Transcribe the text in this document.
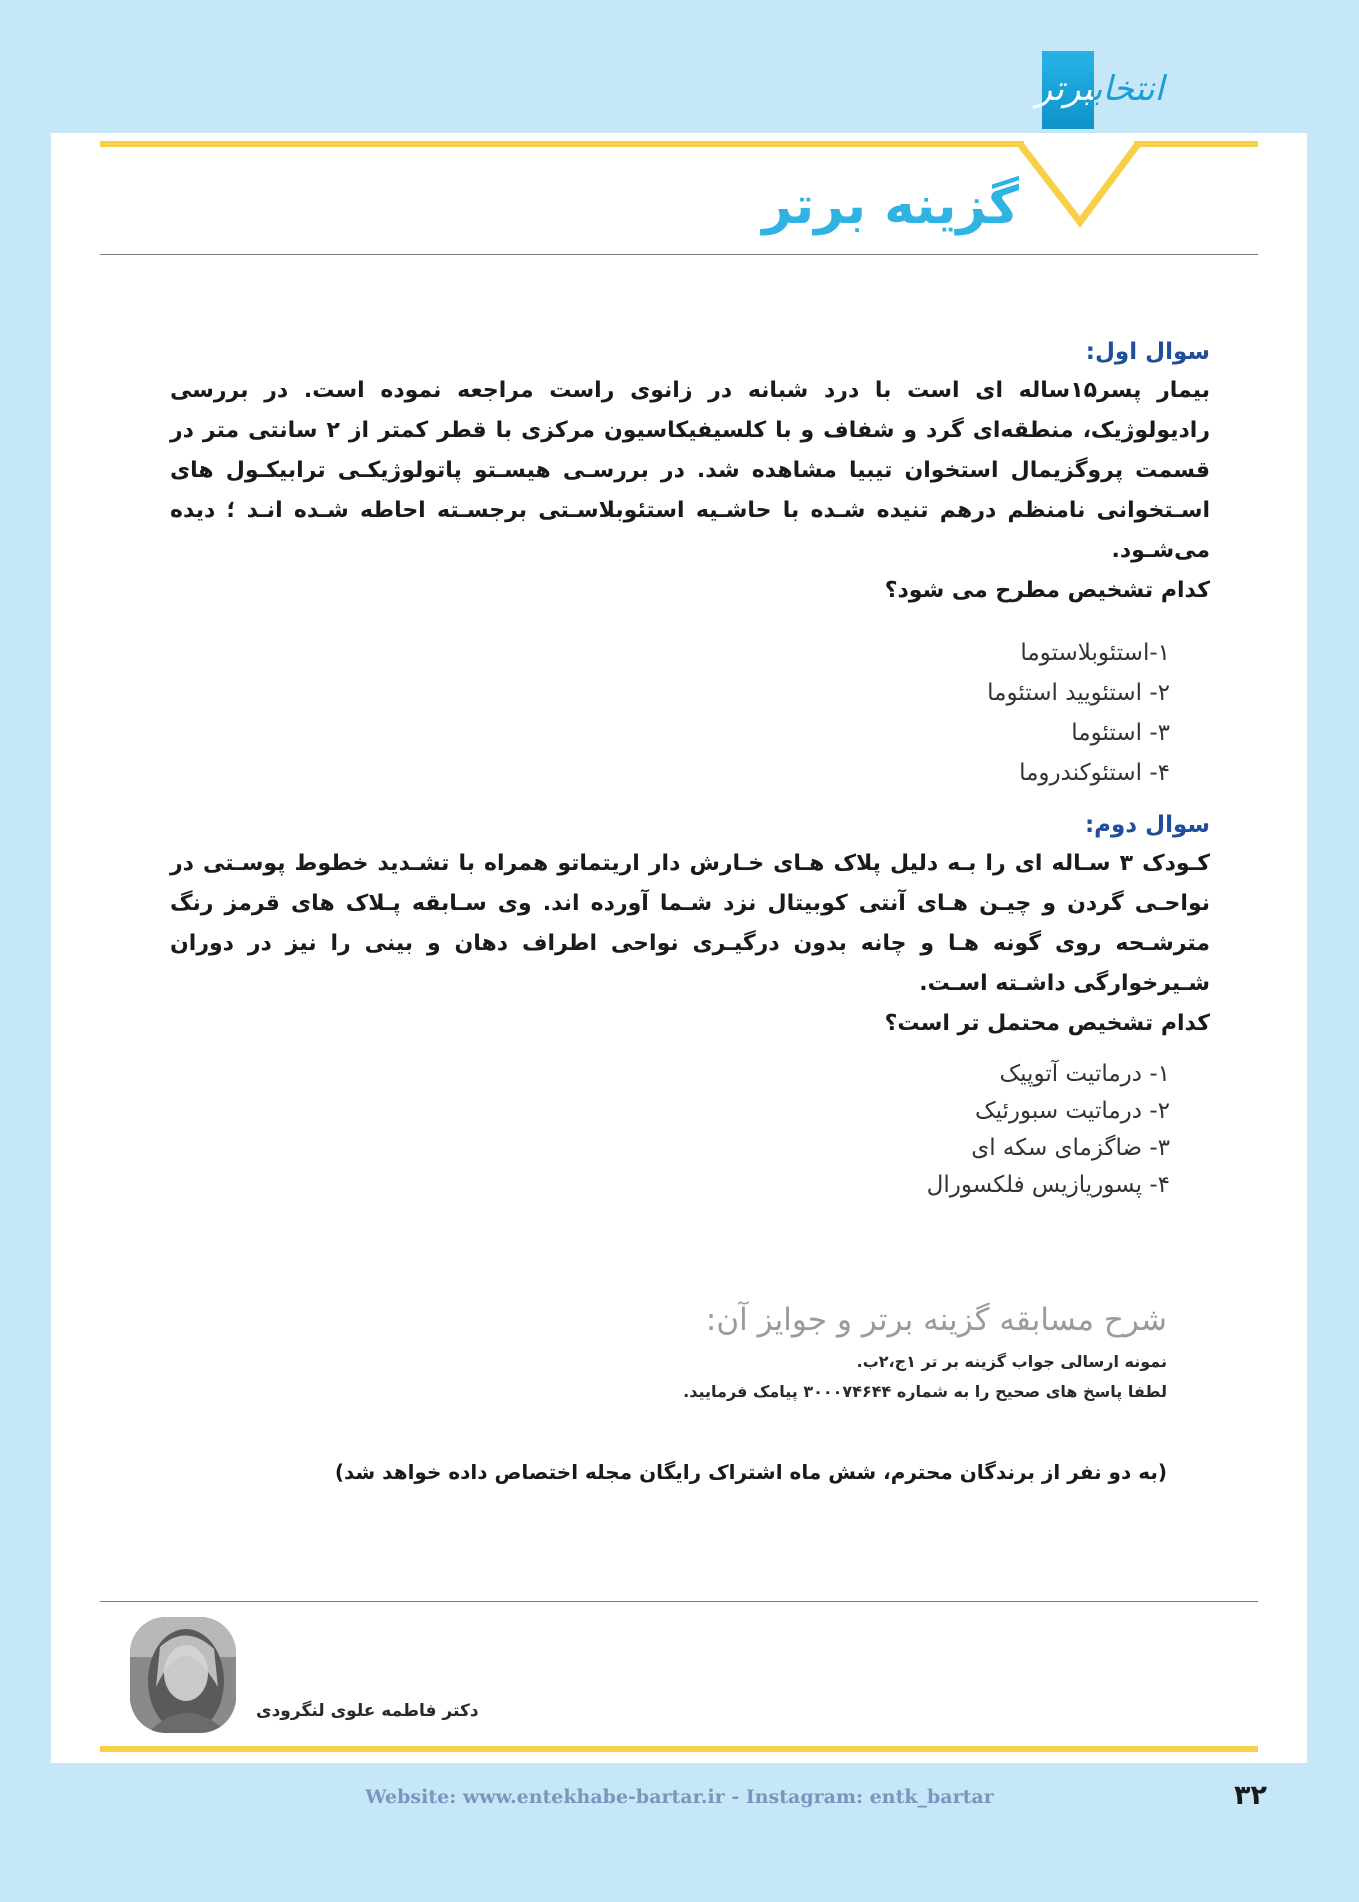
انتخاببرتر
گزینه برتر

سوال اول:

بیمار پسر۱۵ساله ای است با درد شبانه در زانوی راست مراجعه نموده است. در بررسی رادیولوژیک، منطقه‌ای گرد و شفاف و با کلسیفیکاسیون مرکزی با قطر کمتر از ۲ سانتی متر در قسمت پروگزیمال استخوان تیبیا مشاهده شد. در بررسـی هیسـتو پاتولوژیکـی ترابیکـول های اسـتخوانی نامنظم درهم تنیده شـده با حاشـیه استئوبلاسـتی برجسـته احاطه شـده انـد ؛ دیده می‌شـود.

کدام تشخیص مطرح می شود؟

۱-استئوبلاستوما
۲- استئویید استئوما
۳- استئوما
۴- استئوکندروما

سوال دوم:

کـودک ۳ سـاله ای را بـه دلیل پلاک هـای خـارش دار اریتماتو همراه با تشـدید خطوط پوسـتی در نواحـی گردن و چیـن هـای آنتی کوبیتال نزد شـما آورده اند. وی سـابقه پـلاک های قرمز رنگ مترشـحه روی گونه هـا و چانه بدون درگیـری نواحی اطراف دهان و بینی را نیز در دوران شـیرخوارگی داشـته اسـت.

کدام تشخیص محتمل تر است؟

۱- درماتیت آتوپیک
۲- درماتیت سبورئیک
۳- ضاگزمای سکه ای
۴- پسوریازیس فلکسورال
شرح مسابقه گزینه برتر و جوایز آن:
نمونه ارسالی جواب گزینه بر تر ۱ج،۲ب.
لطفا پاسخ های صحیح را به شماره ۳۰۰۰۷۴۶۴۴ پیامک فرمایید.
(به دو نفر از برندگان محترم، شش ماه اشتراک رایگان مجله اختصاص داده خواهد شد)
دکتر فاطمه علوی لنگرودی
Website: www.entekhabe-bartar.ir - Instagram: entk_bartar	۳۲
